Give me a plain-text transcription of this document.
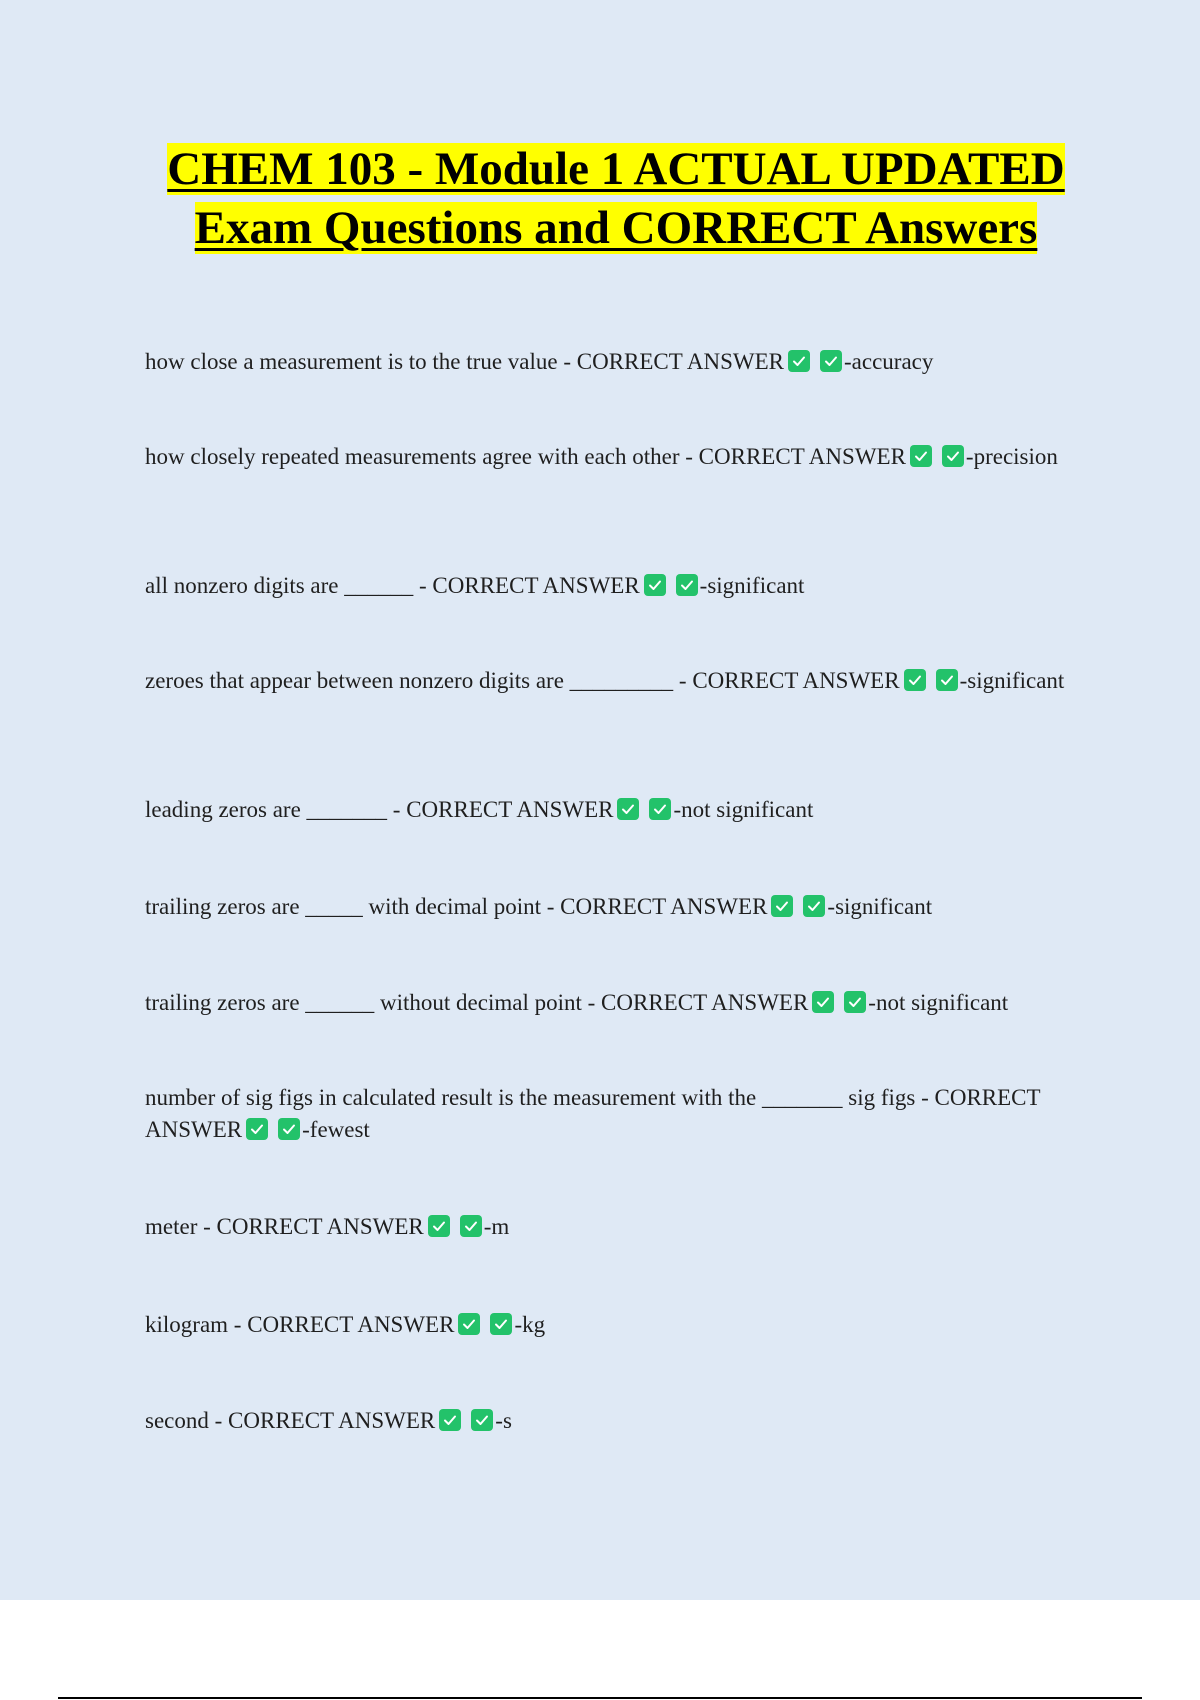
CHEM 103 - Module 1 ACTUAL UPDATED Exam Questions and CORRECT Answers

how close a measurement is to the true value - CORRECT ANSWER	-accuracy

how closely repeated measurements agree with each other - CORRECT ANSWER	-precision

all nonzero digits are ______ - CORRECT ANSWER	-significant

zeroes that appear between nonzero digits are _________ - CORRECT ANSWER	-significant

leading zeros are _______ - CORRECT ANSWER	-not significant

trailing zeros are _____ with decimal point - CORRECT ANSWER	-significant

trailing zeros are ______ without decimal point - CORRECT ANSWER	-not significant

number of sig figs in calculated result is the measurement with the _______ sig figs - CORRECT ANSWER	-fewest

meter - CORRECT ANSWER	-m

kilogram - CORRECT ANSWER	-kg

second - CORRECT ANSWER	-s
